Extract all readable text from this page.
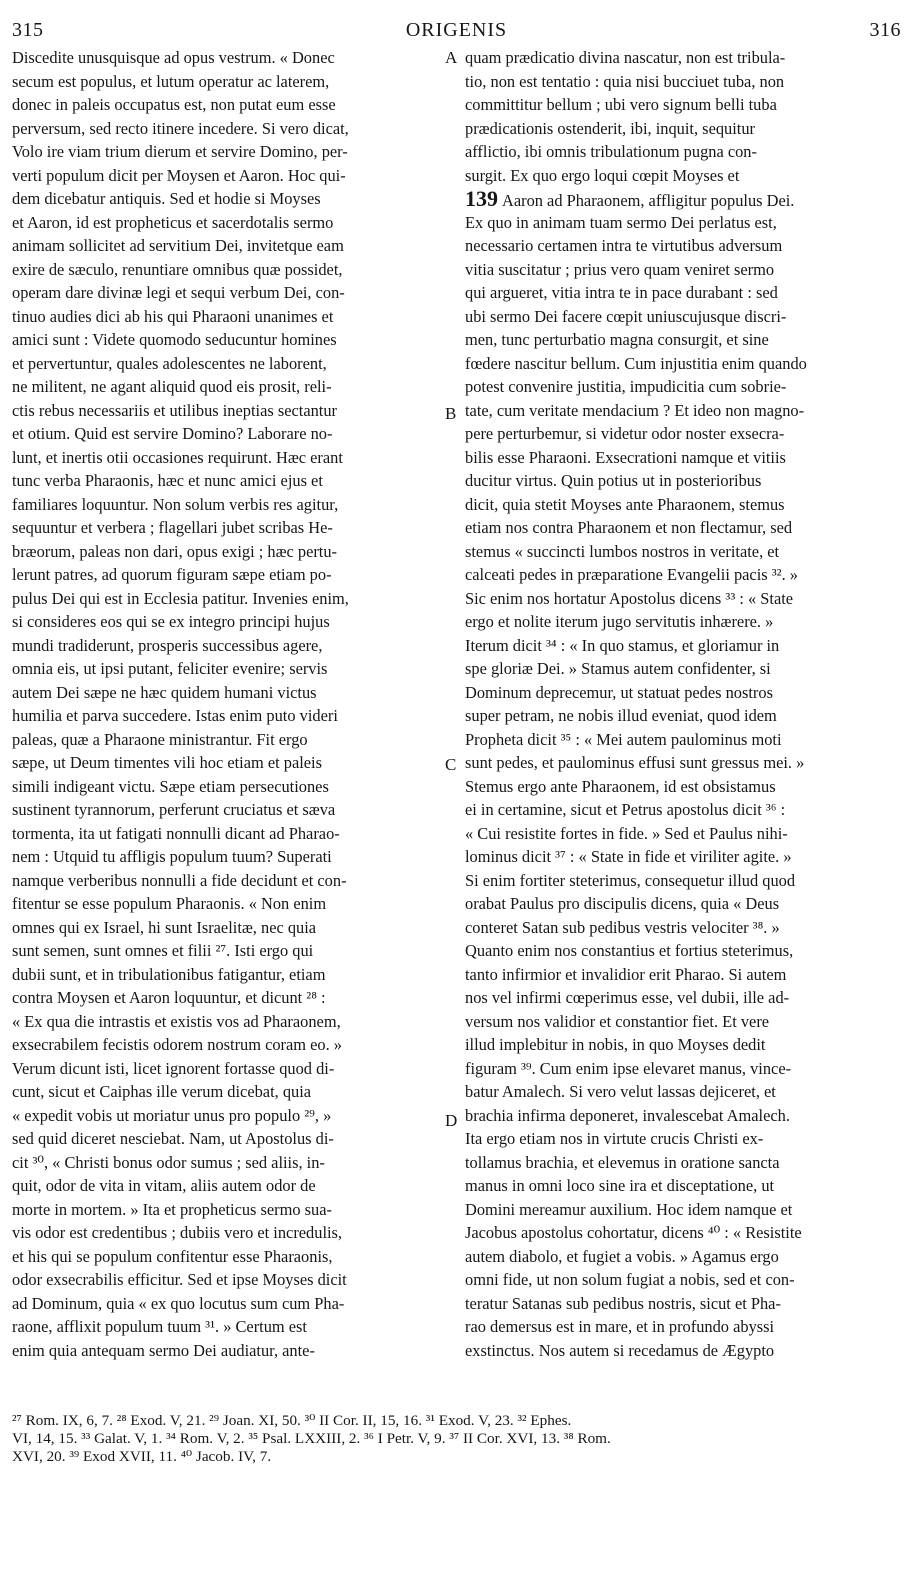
315	ORIGENIS	316
Discedite unusquisque ad opus vestrum. « Donec
secum est populus, et lutum operatur ac laterem,
donec in paleis occupatus est, non putat eum esse
perversum, sed recto itinere incedere. Si vero dicat,
Volo ire viam trium dierum et servire Domino, per-
verti populum dicit per Moysen et Aaron. Hoc qui-
dem dicebatur antiquis. Sed et hodie si Moyses
et Aaron, id est propheticus et sacerdotalis sermo
animam sollicitet ad servitium Dei, invitetque eam
exire de sæculo, renuntiare omnibus quæ possidet,
operam dare divinæ legi et sequi verbum Dei, con-
tinuo audies dici ab his qui Pharaoni unanimes et
amici sunt : Videte quomodo seducuntur homines
et pervertuntur, quales adolescentes ne laborent,
ne militent, ne agant aliquid quod eis prosit, reli-
ctis rebus necessariis et utilibus ineptias sectantur
et otium. Quid est servire Domino? Laborare no-
lunt, et inertis otii occasiones requirunt. Hæc erant
tunc verba Pharaonis, hæc et nunc amici ejus et
familiares loquuntur. Non solum verbis res agitur,
sequuntur et verbera ; flagellari jubet scribas He-
bræorum, paleas non dari, opus exigi ; hæc pertu-
lerunt patres, ad quorum figuram sæpe etiam po-
pulus Dei qui est in Ecclesia patitur. Invenies enim,
si consideres eos qui se ex integro principi hujus
mundi tradiderunt, prosperis successibus agere,
omnia eis, ut ipsi putant, feliciter evenire; servis
autem Dei sæpe ne hæc quidem humani victus
humilia et parva succedere. Istas enim puto videri
paleas, quæ a Pharaone ministrantur. Fit ergo
sæpe, ut Deum timentes vili hoc etiam et paleis
simili indigeant victu. Sæpe etiam persecutiones
sustinent tyrannorum, perferunt cruciatus et sæva
tormenta, ita ut fatigati nonnulli dicant ad Pharao-
nem : Utquid tu affligis populum tuum? Superati
namque verberibus nonnulli a fide decidunt et con-
fitentur se esse populum Pharaonis. « Non enim
omnes qui ex Israel, hi sunt Israelitæ, nec quia
sunt semen, sunt omnes et filii ²⁷. Isti ergo qui
dubii sunt, et in tribulationibus fatigantur, etiam
contra Moysen et Aaron loquuntur, et dicunt ²⁸ :
« Ex qua die intrastis et existis vos ad Pharaonem,
exsecrabilem fecistis odorem nostrum coram eo. »
Verum dicunt isti, licet ignorent fortasse quod di-
cunt, sicut et Caiphas ille verum dicebat, quia
« expedit vobis ut moriatur unus pro populo ²⁹, »
sed quid diceret nesciebat. Nam, ut Apostolus di-
cit ³⁰, « Christi bonus odor sumus ; sed aliis, in-
quit, odor de vita in vitam, aliis autem odor de
morte in mortem. » Ita et propheticus sermo sua-
vis odor est credentibus ; dubiis vero et incredulis,
et his qui se populum confitentur esse Pharaonis,
odor exsecrabilis efficitur. Sed et ipse Moyses dicit
ad Dominum, quia « ex quo locutus sum cum Pha-
raone, afflixit populum tuum ³¹. » Certum est
enim quia antequam sermo Dei audiatur, ante-
A
B
C
D
quam prædicatio divina nascatur, non est tribula-
tio, non est tentatio : quia nisi bucciuet tuba, non
committitur bellum ; ubi vero signum belli tuba
prædicationis ostenderit, ibi, inquit, sequitur
afflictio, ibi omnis tribulationum pugna con-
surgit. Ex quo ergo loqui cœpit Moyses et
139 Aaron ad Pharaonem, affligitur populus Dei.
Ex quo in animam tuam sermo Dei perlatus est,
necessario certamen intra te virtutibus adversum
vitia suscitatur ; prius vero quam veniret sermo
qui argueret, vitia intra te in pace durabant : sed
ubi sermo Dei facere cœpit uniuscujusque discri-
men, tunc perturbatio magna consurgit, et sine
fœdere nascitur bellum. Cum injustitia enim quando
potest convenire justitia, impudicitia cum sobrie-
tate, cum veritate mendacium ? Et ideo non magno-
pere perturbemur, si videtur odor noster exsecra-
bilis esse Pharaoni. Exsecrationi namque et vitiis
ducitur virtus. Quin potius ut in posterioribus
dicit, quia stetit Moyses ante Pharaonem, stemus
etiam nos contra Pharaonem et non flectamur, sed
stemus « succincti lumbos nostros in veritate, et
calceati pedes in præparatione Evangelii pacis ³². »
Sic enim nos hortatur Apostolus dicens ³³ : « State
ergo et nolite iterum jugo servitutis inhærere. »
Iterum dicit ³⁴ : « In quo stamus, et gloriamur in
spe gloriæ Dei. » Stamus autem confidenter, si
Dominum deprecemur, ut statuat pedes nostros
super petram, ne nobis illud eveniat, quod idem
Propheta dicit ³⁵ : « Mei autem paulominus moti
sunt pedes, et paulominus effusi sunt gressus mei. »
Stemus ergo ante Pharaonem, id est obsistamus
ei in certamine, sicut et Petrus apostolus dicit ³⁶ :
« Cui resistite fortes in fide. » Sed et Paulus nihi-
lominus dicit ³⁷ : « State in fide et viriliter agite. »
Si enim fortiter steterimus, consequetur illud quod
orabat Paulus pro discipulis dicens, quia « Deus
conteret Satan sub pedibus vestris velociter ³⁸. »
Quanto enim nos constantius et fortius steterimus,
tanto infirmior et invalidior erit Pharao. Si autem
nos vel infirmi cœperimus esse, vel dubii, ille ad-
versum nos validior et constantior fiet. Et vere
illud implebitur in nobis, in quo Moyses dedit
figuram ³⁹. Cum enim ipse elevaret manus, vince-
batur Amalech. Si vero velut lassas dejiceret, et
brachia infirma deponeret, invalescebat Amalech.
Ita ergo etiam nos in virtute crucis Christi ex-
tollamus brachia, et elevemus in oratione sancta
manus in omni loco sine ira et disceptatione, ut
Domini mereamur auxilium. Hoc idem namque et
Jacobus apostolus cohortatur, dicens ⁴⁰ : « Resistite
autem diabolo, et fugiet a vobis. » Agamus ergo
omni fide, ut non solum fugiat a nobis, sed et con-
teratur Satanas sub pedibus nostris, sicut et Pha-
rao demersus est in mare, et in profundo abyssi
exstinctus. Nos autem si recedamus de Ægypto
²⁷ Rom. IX, 6, 7. ²⁸ Exod. V, 21. ²⁹ Joan. XI, 50. ³⁰ II Cor. II, 15, 16. ³¹ Exod. V, 23. ³² Ephes.
VI, 14, 15. ³³ Galat. V, 1. ³⁴ Rom. V, 2. ³⁵ Psal. LXXIII, 2. ³⁶ I Petr. V, 9. ³⁷ II Cor. XVI, 13. ³⁸ Rom.
XVI, 20. ³⁹ Exod XVII, 11. ⁴⁰ Jacob. IV, 7.
